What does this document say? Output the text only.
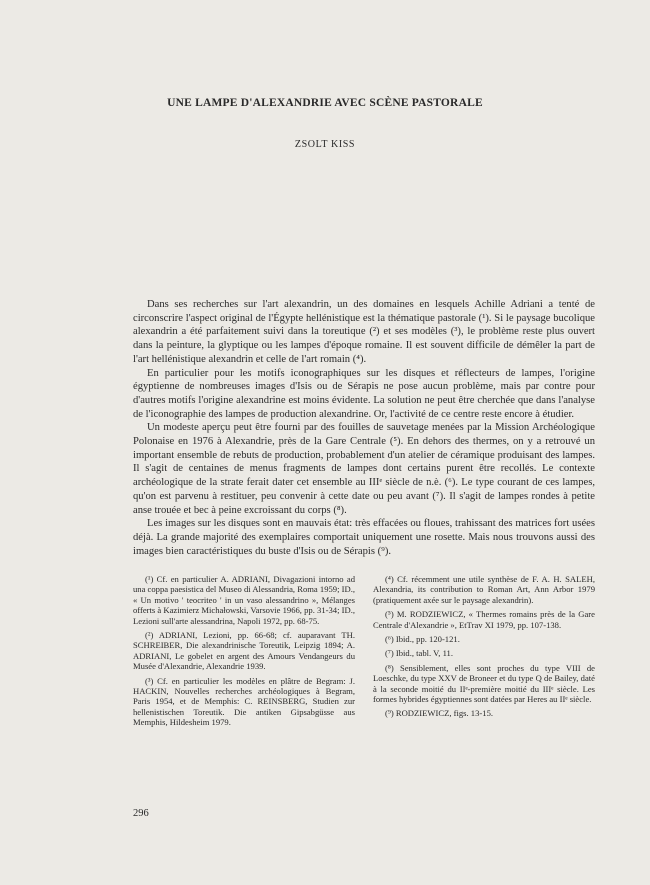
UNE LAMPE D'ALEXANDRIE AVEC SCÈNE PASTORALE
ZSOLT KISS

Dans ses recherches sur l'art alexandrin, un des domaines en lesquels Achille Adriani a tenté de circonscrire l'aspect original de l'Égypte hellénistique est la thématique pastorale (¹). Si le paysage bucolique alexandrin a été parfaitement suivi dans la toreutique (²) et ses modèles (³), le problème reste plus ouvert dans la peinture, la glyptique ou les lampes d'époque romaine. Il est souvent difficile de démêler la part de l'art hellénistique alexandrin et celle de l'art romain (⁴).

En particulier pour les motifs iconographiques sur les disques et réflecteurs de lampes, l'origine égyptienne de nombreuses images d'Isis ou de Sérapis ne pose aucun problème, mais par contre pour d'autres motifs l'origine alexandrine est moins évidente. La solution ne peut être cherchée que dans l'analyse de l'iconographie des lampes de production alexandrine. Or, l'activité de ce centre reste encore à étudier.

Un modeste aperçu peut être fourni par des fouilles de sauvetage menées par la Mission Archéologique Polonaise en 1976 à Alexandrie, près de la Gare Centrale (⁵). En dehors des thermes, on y a retrouvé un important ensemble de rebuts de production, probablement d'un atelier de céramique produisant des lampes. Il s'agit de centaines de menus fragments de lampes dont certains purent être recollés. Le contexte archéologique de la strate ferait dater cet ensemble au IIIᵉ siècle de n.è. (⁶). Le type courant de ces lampes, qu'on est parvenu à restituer, peu convenir à cette date ou peu avant (⁷). Il s'agit de lampes rondes à petite anse trouée et bec à peine excroissant du corps (⁸).

Les images sur les disques sont en mauvais état: très effacées ou floues, trahissant des matrices fort usées déjà. La grande majorité des exemplaires comportait uniquement une rosette. Mais nous trouvons aussi des images bien caractéristiques du buste d'Isis ou de Sérapis (⁹).

(¹) Cf. en particulier A. ADRIANI, Divagazioni intorno ad una coppa paesistica del Museo di Alessandria, Roma 1959; ID., « Un motivo ' teocriteo ' in un vaso alessandrino », Mélanges offerts à Kazimierz Michałowski, Varsovie 1966, pp. 31-34; ID., Lezioni sull'arte alessandrina, Napoli 1972, pp. 68-75.

(²) ADRIANI, Lezioni, pp. 66-68; cf. auparavant TH. SCHREIBER, Die alexandrinische Toreutik, Leipzig 1894; A. ADRIANI, Le gobelet en argent des Amours Vendangeurs du Musée d'Alexandrie, Alexandrie 1939.

(³) Cf. en particulier les modèles en plâtre de Begram: J. HACKIN, Nouvelles recherches archéologiques à Begram, Paris 1954, et de Memphis: C. REINSBERG, Studien zur hellenistischen Toreutik. Die antiken Gipsabgüsse aus Memphis, Hildesheim 1979.

(⁴) Cf. récemment une utile synthèse de F. A. H. SALEH, Alexandria, its contribution to Roman Art, Ann Arbor 1979 (pratiquement axée sur le paysage alexandrin).

(⁵) M. RODZIEWICZ, « Thermes romains près de la Gare Centrale d'Alexandrie », EtTrav XI 1979, pp. 107-138.

(⁶) Ibid., pp. 120-121.

(⁷) Ibid., tabl. V, 11.

(⁸) Sensiblement, elles sont proches du type VIII de Loeschke, du type XXV de Broneer et du type Q de Bailey, daté à la seconde moitié du IIᵉ-première moitié du IIIᵉ siècle. Les formes hybrides égyptiennes sont datées par Heres au IIᵉ siècle.

(⁹) RODZIEWICZ, figs. 13-15.

296
